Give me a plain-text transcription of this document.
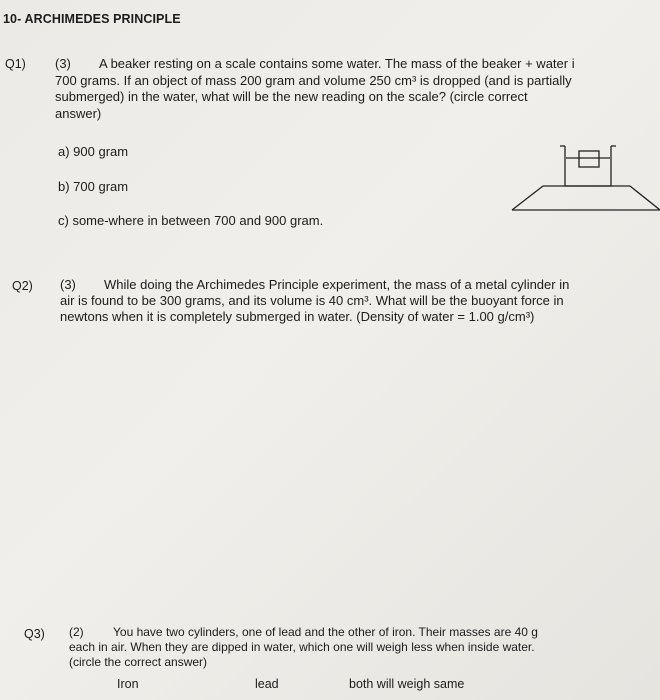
10- ARCHIMEDES PRINCIPLE
Q1) (3) A beaker resting on a scale contains some water. The mass of the beaker + water i
700 grams. If an object of mass 200 gram and volume 250 cm³ is dropped (and is partially
submerged) in the water, what will be the new reading on the scale? (circle correct
answer)
a) 900 gram
b) 700 gram
c) some-where in between 700 and 900 gram.
Q2) (3) While doing the Archimedes Principle experiment, the mass of a metal cylinder in
air is found to be 300 grams, and its volume is 40 cm³. What will be the buoyant force in
newtons when it is completely submerged in water. (Density of water = 1.00 g/cm³)
Q3) (2) You have two cylinders, one of lead and the other of iron. Their masses are 40 g
each in air. When they are dipped in water, which one will weigh less when inside water.
(circle the correct answer)
Iron	lead	both will weigh same
